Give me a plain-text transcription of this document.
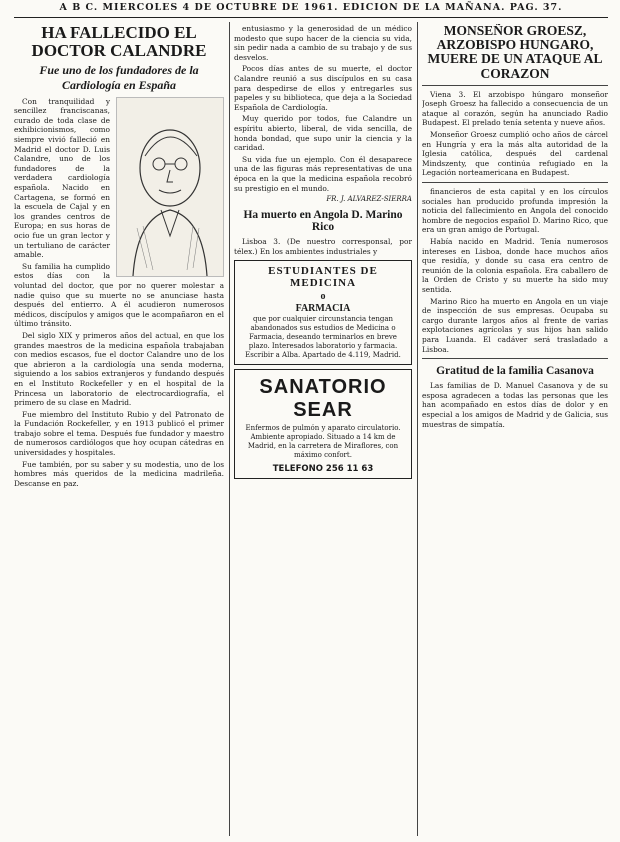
A B C. MIERCOLES 4 DE OCTUBRE DE 1961. EDICION DE LA MAÑANA. PAG. 37.
HA FALLECIDO EL DOCTOR CALANDRE
Fue uno de los fundadores de la Cardiología en España

Con tranquilidad y sencillez franciscanas, curado de toda clase de exhibicionismos, como siempre vivió falleció en Madrid el doctor D. Luis Calandre, uno de los fundadores de la verdadera cardiología española. Nacido en Cartagena, se formó en la escuela de Cajal y en los grandes centros de Europa; en sus horas de ocio fue un gran lector y un tertuliano de carácter amable.

Su familia ha cumplido estos días con la voluntad del doctor, que por no querer molestar a nadie quiso que su muerte no se anunciase hasta después del entierro. A él acudieron numerosos médicos, discípulos y amigos que le acompañaron en el último tránsito.

Del siglo XIX y primeros años del actual, en que los grandes maestros de la medicina española trabajaban con medios escasos, fue el doctor Calandre uno de los que abrieron a la cardiología una senda moderna, siguiendo a los sabios extranjeros y fundando después en el Instituto Rockefeller y en el hospital de la Princesa un laboratorio de electrocardiografía, el primero de su clase en Madrid.

Fue miembro del Instituto Rubio y del Patronato de la Fundación Rockefeller, y en 1913 publicó el primer trabajo sobre el tema. Después fue fundador y maestro de numerosos cardiólogos que hoy ocupan cátedras en universidades y hospitales.

Fue también, por su saber y su modestia, uno de los hombres más queridos de la medicina madrileña. Descanse en paz.

entusiasmo y la generosidad de un médico modesto que supo hacer de la ciencia su vida, sin pedir nada a cambio de su trabajo y de sus desvelos.

Pocos días antes de su muerte, el doctor Calandre reunió a sus discípulos en su casa para despedirse de ellos y entregarles sus papeles y su biblioteca, que deja a la Sociedad Española de Cardiología.

Muy querido por todos, fue Calandre un espíritu abierto, liberal, de vida sencilla, de honda bondad, que supo unir la ciencia y la caridad.

Su vida fue un ejemplo. Con él desaparece una de las figuras más representativas de una época en la que la medicina española recobró su prestigio en el mundo.

FR. J. ALVAREZ-SIERRA
Ha muerto en Angola D. Marino Rico

Lisboa 3. (De nuestro corresponsal, por télex.) En los ambientes industriales y

ESTUDIANTES DE MEDICINA
o
FARMACIA

que por cualquier circunstancia tengan abandonados sus estudios de Medicina o Farmacia, deseando terminarlos en breve plazo. Interesados laboratorio y farmacia. Escribir a Alba. Apartado de 4.119, Madrid.

SANATORIO SEAR

Enfermos de pulmón y aparato circulatorio. Ambiente apropiado. Situado a 14 km de Madrid, en la carretera de Miraflores, con máximo confort.

TELEFONO 256 11 63
MONSEÑOR GROESZ, ARZOBISPO HUNGARO, MUERE DE UN ATAQUE AL CORAZON

Viena 3. El arzobispo húngaro monseñor Joseph Groesz ha fallecido a consecuencia de un ataque al corazón, según ha anunciado Radio Budapest. El prelado tenía setenta y nueve años.

Monseñor Groesz cumplió ocho años de cárcel en Hungría y era la más alta autoridad de la Iglesia católica, después del cardenal Mindszenty, que continúa refugiado en la Legación norteamericana en Budapest.

financieros de esta capital y en los círculos sociales han producido profunda impresión la noticia del fallecimiento en Angola del conocido hombre de negocios español D. Marino Rico, que era un gran amigo de Portugal.

Había nacido en Madrid. Tenía numerosos intereses en Lisboa, donde hace muchos años que residía, y donde su casa era centro de reunión de la colonia española. Era caballero de la Orden de Cristo y su muerte ha sido muy sentida.

Marino Rico ha muerto en Angola en un viaje de inspección de sus empresas. Ocupaba su cargo durante largos años al frente de varias explotaciones agrícolas y sus hijos han salido para Luanda. El cadáver será trasladado a Lisboa.

Gratitud de la familia Casanova

Las familias de D. Manuel Casanova y de su esposa agradecen a todas las personas que les han acompañado en estos días de dolor y en especial a los amigos de Madrid y de Galicia, sus muestras de simpatía.
